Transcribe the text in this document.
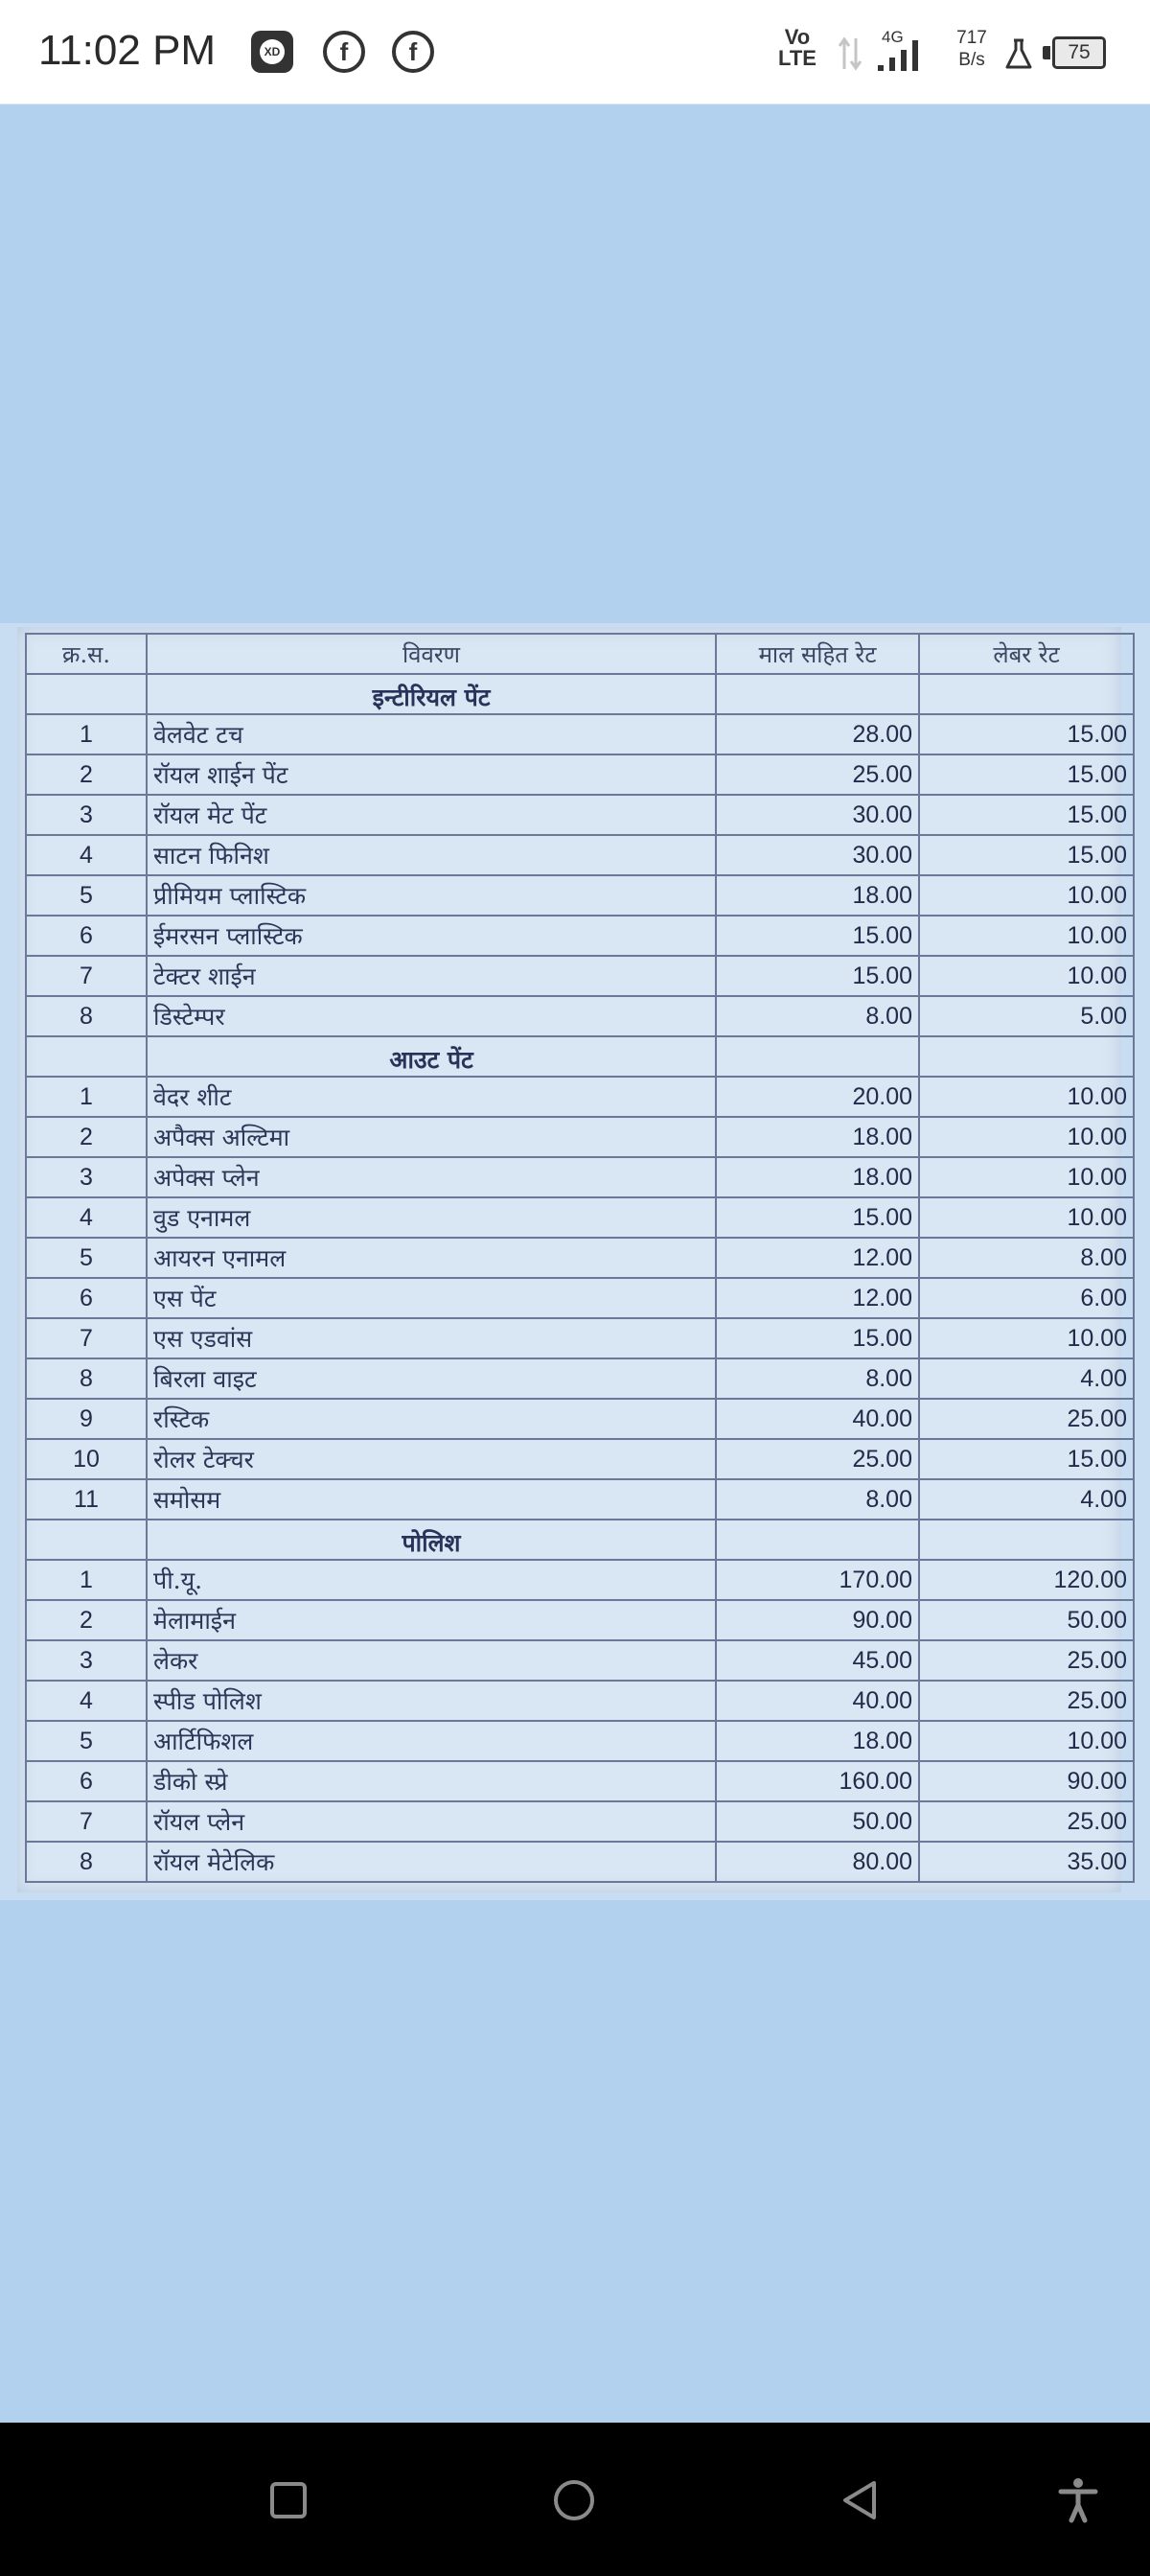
11:02 PM	XD	f	f
Vo
LTE
4G	717
B/s	75
क्र.स.	विवरण	माल सहित रेट	लेबर रेट
	इन्टीरियल पेंट		
1	वेलवेट टच	28.00	15.00
2	रॉयल शाईन पेंट	25.00	15.00
3	रॉयल मेट पेंट	30.00	15.00
4	साटन फिनिश	30.00	15.00
5	प्रीमियम प्लास्टिक	18.00	10.00
6	ईमरसन प्लास्टिक	15.00	10.00
7	टेक्टर शाईन	15.00	10.00
8	डिस्टेम्पर	8.00	5.00
	आउट पेंट		
1	वेदर शीट	20.00	10.00
2	अपैक्स अल्टिमा	18.00	10.00
3	अपेक्स प्लेन	18.00	10.00
4	वुड एनामल	15.00	10.00
5	आयरन एनामल	12.00	8.00
6	एस पेंट	12.00	6.00
7	एस एडवांस	15.00	10.00
8	बिरला वाइट	8.00	4.00
9	रस्टिक	40.00	25.00
10	रोलर टेक्चर	25.00	15.00
11	समोसम	8.00	4.00
	पोलिश		
1	पी.यू.	170.00	120.00
2	मेलामाईन	90.00	50.00
3	लेकर	45.00	25.00
4	स्पीड पोलिश	40.00	25.00
5	आर्टिफिशल	18.00	10.00
6	डीको स्प्रे	160.00	90.00
7	रॉयल प्लेन	50.00	25.00
8	रॉयल मेटेलिक	80.00	35.00
